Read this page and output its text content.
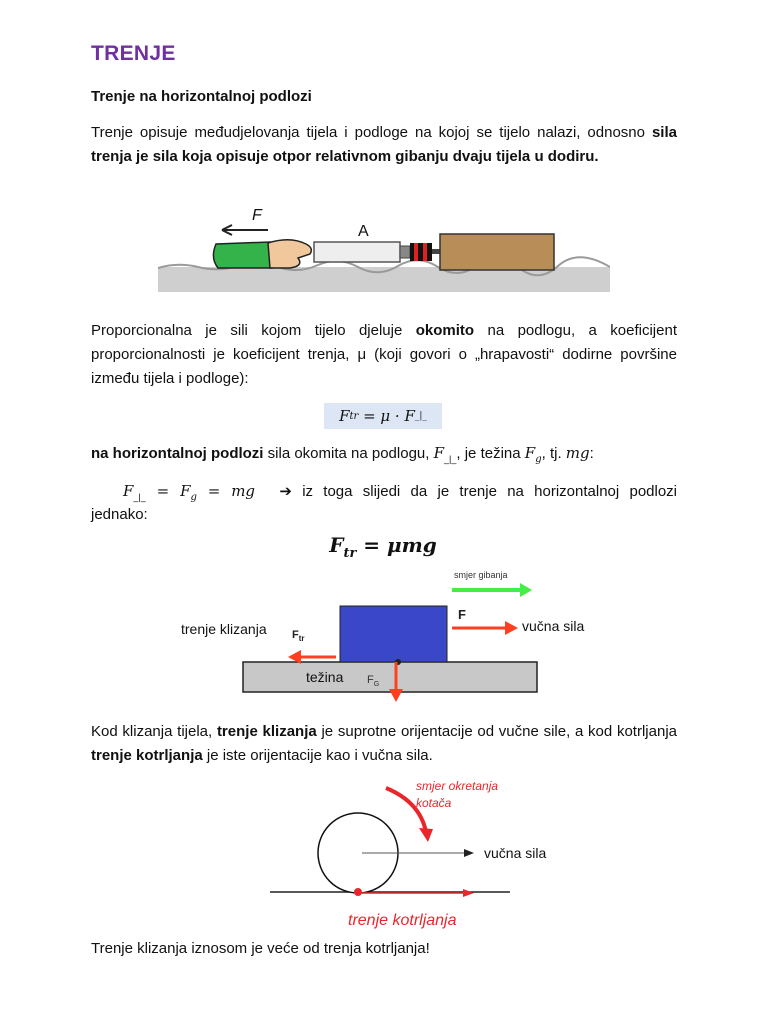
TRENJE
Trenje na horizontalnoj podlozi

Trenje opisuje međudjelovanja tijela i podloge na kojoj se tijelo nalazi, odnosno sila trenja je sila koja opisuje otpor relativnom gibanju dvaju tijela u dodiru.

F
A

Proporcionalna je sili kojom tijelo djeluje okomito na podlogu, a koeficijent proporcionalnosti je koeficijent trenja, μ (koji govori o „hrapavosti“ dodirne površine između tijela i podloge):

F tr = μ · F _|_

na horizontalnoj podlozi sila okomita na podlogu, $F_{\_|\_}$, je težina $F_g$, tj. mg:

$F_{\_|\_} = F_g$ = mg ➔ iz toga slijedi da je trenje na horizontalnoj podlozi

jednako:

$F_{tr} = \mu mg$
smjer gibanja
F
vučna sila
trenje klizanja $F_{tr}$
težina $F_G$

Kod klizanja tijela, trenje klizanja je suprotne orijentacije od vučne sile, a kod kotrljanja trenje kotrljanja je iste orijentacije kao i vučna sila.

smjer okretanja
kotača
vučna sila
trenje kotrljanja

Trenje klizanja iznosom je veće od trenja kotrljanja!
